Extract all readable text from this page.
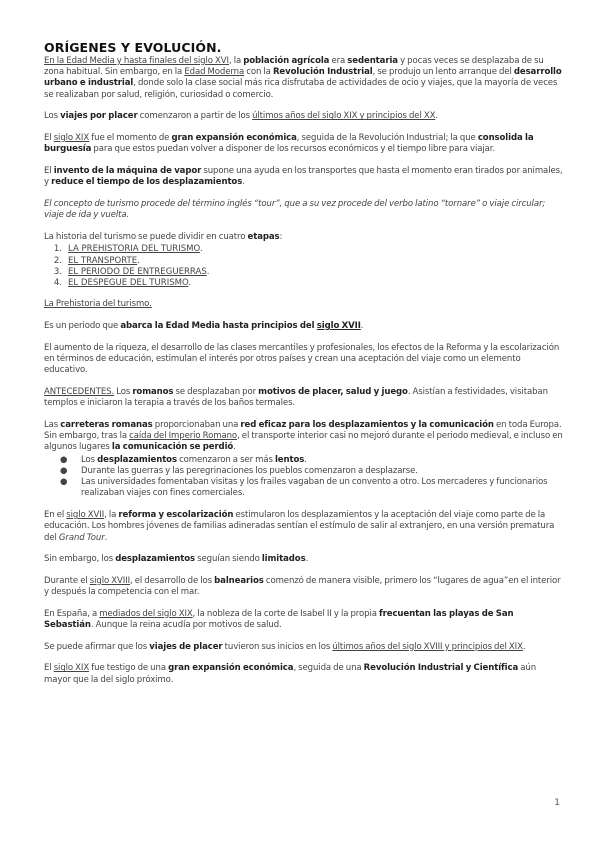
ORÍGENES Y EVOLUCIÓN.

En la Edad Media y hasta finales del siglo XVI, la población agrícola era sedentaria y pocas veces se desplazaba de su zona habitual. Sin embargo, en la Edad Moderna con la Revolución Industrial, se produjo un lento arranque del desarrollo urbano e industrial, donde solo la clase social más rica disfrutaba de actividades de ocio y viajes, que la mayoría de veces se realizaban por salud, religión, curiosidad o comercio.

Los viajes por placer comenzaron a partir de los últimos años del siglo XIX y principios del XX.

El siglo XIX fue el momento de gran expansión económica, seguida de la Revolución Industrial; la que consolida la burguesía para que estos puedan volver a disponer de los recursos económicos y el tiempo libre para viajar.

El invento de la máquina de vapor supone una ayuda en los transportes que hasta el momento eran tirados por animales, y reduce el tiempo de los desplazamientos.

El concepto de turismo procede del término inglés “tour”, que a su vez procede del verbo latino “tornare” o viaje circular; viaje de ida y vuelta.

La historia del turismo se puede dividir en cuatro etapas:

1. LA PREHISTORIA DEL TURISMO.
2. EL TRANSPORTE.
3. EL PERIODO DE ENTREGUERRAS.
4. EL DESPEGUE DEL TURISMO.

La Prehistoria del turismo.

Es un periodo que abarca la Edad Media hasta principios del siglo XVII.

El aumento de la riqueza, el desarrollo de las clases mercantiles y profesionales, los efectos de la Reforma y la escolarización en términos de educación, estimulan el interés por otros países y crean una aceptación del viaje como un elemento educativo.

ANTECEDENTES. Los romanos se desplazaban por motivos de placer, salud y juego. Asistían a festividades, visitaban templos e iniciaron la terapia a través de los baños termales.

Las carreteras romanas proporcionaban una red eficaz para los desplazamientos y la comunicación en toda Europa. Sin embargo, tras la caída del Imperio Romano, el transporte interior casi no mejoró durante el periodo medieval, e incluso en algunos lugares la comunicación se perdió.

● Los desplazamientos comenzaron a ser más lentos.
● Durante las guerras y las peregrinaciones los pueblos comenzaron a desplazarse.
● Las universidades fomentaban visitas y los frailes vagaban de un convento a otro. Los mercaderes y funcionarios realizaban viajes con fines comerciales.

En el siglo XVII, la reforma y escolarización estimularon los desplazamientos y la aceptación del viaje como parte de la educación. Los hombres jóvenes de familias adineradas sentían el estímulo de salir al extranjero, en una versión prematura del Grand Tour.

Sin embargo, los desplazamientos seguían siendo limitados.

Durante el siglo XVIII, el desarrollo de los balnearios comenzó de manera visible, primero los “lugares de agua”en el interior y después la competencia con el mar.

En España, a mediados del siglo XIX, la nobleza de la corte de Isabel II y la propia frecuentan las playas de San Sebastián. Aunque la reina acudía por motivos de salud.

Se puede afirmar que los viajes de placer tuvieron sus inicios en los últimos años del siglo XVIII y principios del XIX.

El siglo XIX fue testigo de una gran expansión económica, seguida de una Revolución Industrial y Científica aún mayor que la del siglo próximo.

1
